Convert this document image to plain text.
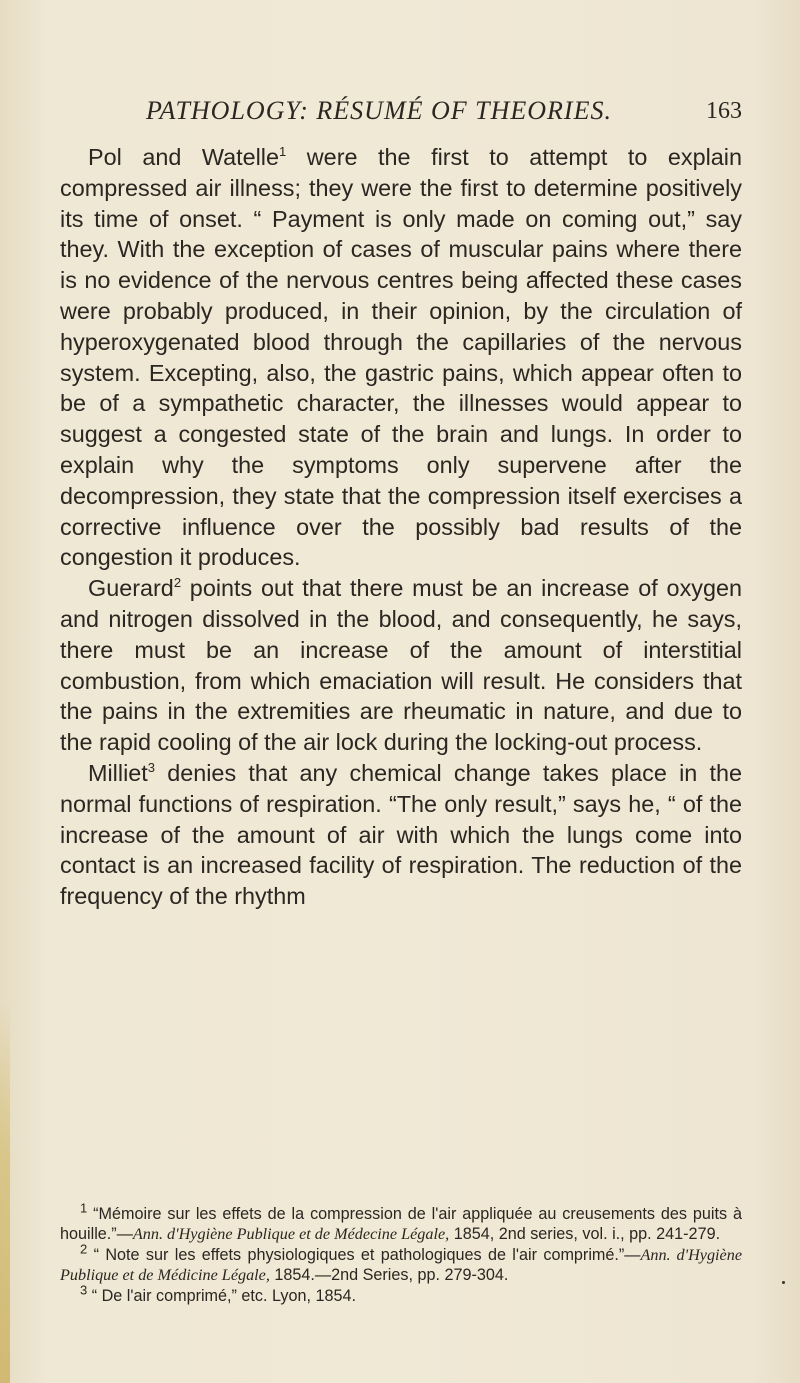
PATHOLOGY: RÉSUMÉ OF THEORIES.	163

Pol and Watelle$^1$ were the first to attempt to explain compressed air illness; they were the first to determine positively its time of onset. “ Payment is only made on coming out,” say they. With the exception of cases of muscular pains where there is no evidence of the nervous centres being affected these cases were probably produced, in their opinion, by the circulation of hyperoxygenated blood through the capillaries of the nervous system. Excepting, also, the gastric pains, which appear often to be of a sympathetic character, the illnesses would appear to suggest a congested state of the brain and lungs. In order to explain why the symptoms only supervene after the decompression, they state that the compression itself exercises a corrective influence over the possibly bad results of the congestion it produces.

Guerard$^2$ points out that there must be an increase of oxygen and nitrogen dissolved in the blood, and consequently, he says, there must be an increase of the amount of interstitial combustion, from which emaciation will result. He considers that the pains in the extremities are rheumatic in nature, and due to the rapid cooling of the air lock during the locking-out process.

Milliet$^3$ denies that any chemical change takes place in the normal functions of respiration. “The only result,” says he, “ of the increase of the amount of air with which the lungs come into contact is an increased facility of respiration. The reduction of the frequency of the rhythm

$^1$ “Mémoire sur les effets de la compression de l'air appliquée au creusements des puits à houille.”—Ann. d'Hygiène Publique et de Médecine Légale, 1854, 2nd series, vol. i., pp. 241-279.

$^2$ “ Note sur les effets physiologiques et pathologiques de l'air comprimé.”—Ann. d'Hygiène Publique et de Médicine Légale, 1854.—2nd Series, pp. 279-304.

$^3$ “ De l'air comprimé,” etc. Lyon, 1854.
